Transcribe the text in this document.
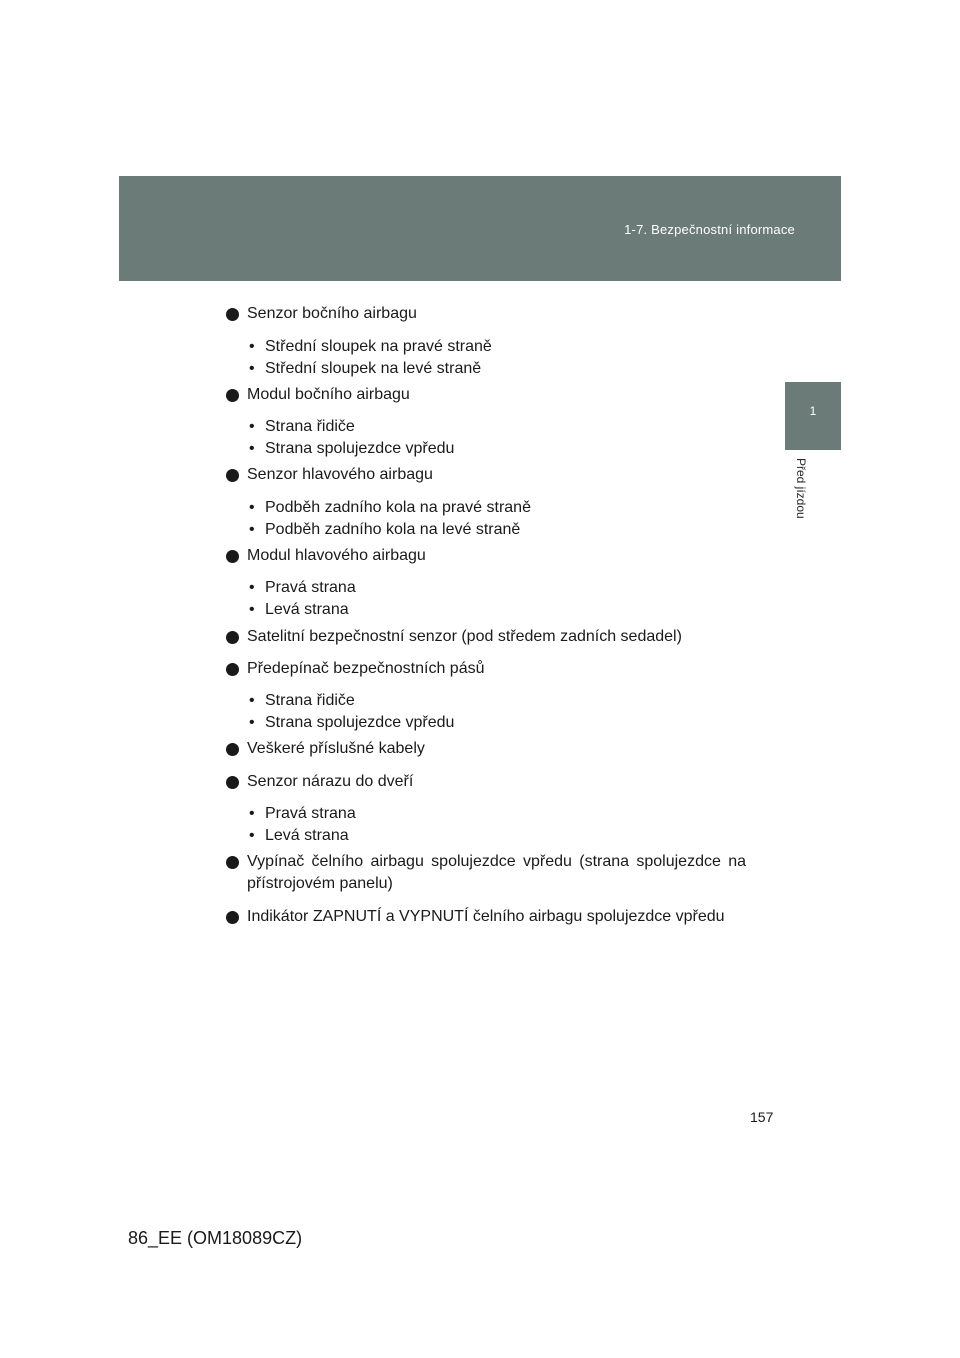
1-7. Bezpečnostní informace
1
Před jízdou
Senzor bočního airbagu
• Střední sloupek na pravé straně
• Střední sloupek na levé straně
Modul bočního airbagu
• Strana řidiče
• Strana spolujezdce vpředu
Senzor hlavového airbagu
• Podběh zadního kola na pravé straně
• Podběh zadního kola na levé straně
Modul hlavového airbagu
• Pravá strana
• Levá strana
Satelitní bezpečnostní senzor (pod středem zadních sedadel)
Předepínač bezpečnostních pásů
• Strana řidiče
• Strana spolujezdce vpředu
Veškeré příslušné kabely
Senzor nárazu do dveří
• Pravá strana
• Levá strana
Vypínač čelního airbagu spolujezdce vpředu (strana spolujezdce na přístrojovém panelu)
Indikátor ZAPNUTÍ a VYPNUTÍ čelního airbagu spolujezdce vpředu
157
86_EE (OM18089CZ)
